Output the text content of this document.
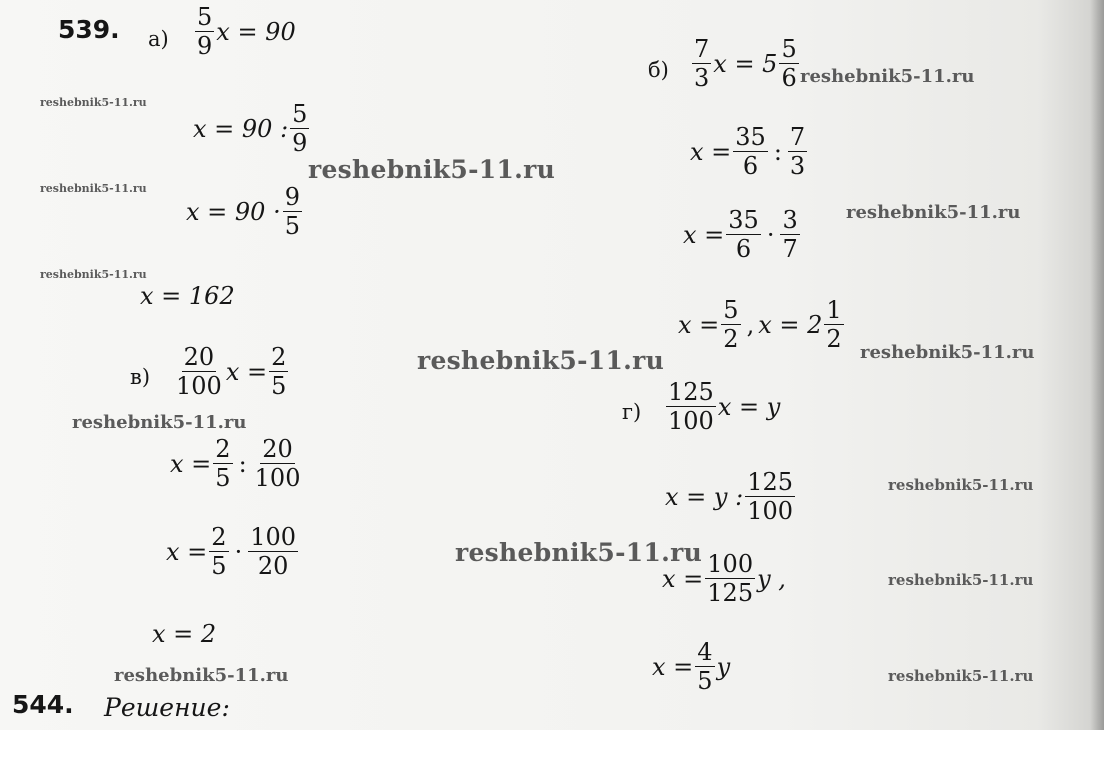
539. $а) \frac{5}{9}$ x = 90
x = 90 : $\frac{5}{9}$
$x = 90 \cdot \frac{9}{5}$
x = 162
$б) \frac{7}{3}$ $x = 5 \frac{5}{6}$
$x = \frac{35}{6}$ : $\frac{7}{3}$
$x = \frac{35}{6} \cdot \frac{3}{7}$
$x = \frac{5}{2}$ , $x = 2 \frac{1}{2}$
$в) \frac{20}{100}$ $x = \frac{2}{5}$
$x = \frac{2}{5}$ : $\frac{20}{100}$
$x = \frac{2}{5} \cdot \frac{100}{20}$
x = 2
$г) \frac{125}{100}$ x = y
x = y : $\frac{125}{100}$
$x = \frac{100}{125}$ y ,
$x = \frac{4}{5}$ y
544. Решение:
reshebnik5-11.ru
reshebnik5-11.ru
reshebnik5-11.ru
reshebnik5-11.ru
reshebnik5-11.ru
reshebnik5-11.ru
reshebnik5-11.ru	reshebnik5-11.ru
reshebnik5-11.ru
reshebnik5-11.ru
reshebnik5-11.ru
reshebnik5-11.ru
reshebnik5-11.ru	reshebnik5-11.ru
